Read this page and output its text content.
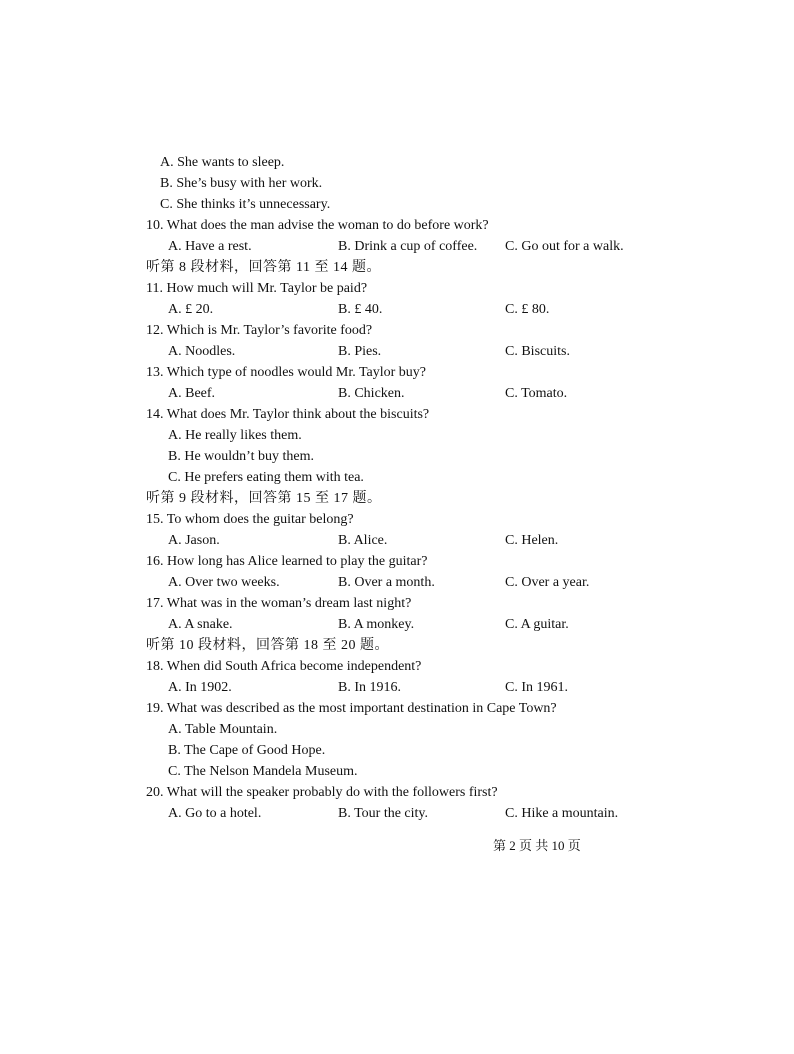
A. She wants to sleep.
B. She’s busy with her work.
C. She thinks it’s unnecessary.
10. What does the man advise the woman to do before work?
A. Have a rest.	B. Drink a cup of coffee. C. Go out for a walk.
听第 8 段材料，回答第 11 至 14 题。
11. How much will Mr. Taylor be paid?
A. £ 20.	B. £ 40.	C. £ 80.
12. Which is Mr. Taylor’s favorite food?
A. Noodles.	B. Pies.	C. Biscuits.
13. Which type of noodles would Mr. Taylor buy?
A. Beef.	B. Chicken.	C. Tomato.
14. What does Mr. Taylor think about the biscuits?
A. He really likes them.
B. He wouldn’t buy them.
C. He prefers eating them with tea.
听第 9 段材料，回答第 15 至 17 题。
15. To whom does the guitar belong?
A. Jason.	B. Alice.	C. Helen.
16. How long has Alice learned to play the guitar?
A. Over two weeks.	B. Over a month.	C. Over a year.
17. What was in the woman’s dream last night?
A. A snake.	B. A monkey.	C. A guitar.
听第 10 段材料，回答第 18 至 20 题。
18. When did South Africa become independent?
A. In 1902.	B. In 1916.	C. In 1961.
19. What was described as the most important destination in Cape Town?
A. Table Mountain.
B. The Cape of Good Hope.
C. The Nelson Mandela Museum.
20. What will the speaker probably do with the followers first?
A. Go to a hotel.	B. Tour the city.	C. Hike a mountain.
第 2 页 共 10 页
